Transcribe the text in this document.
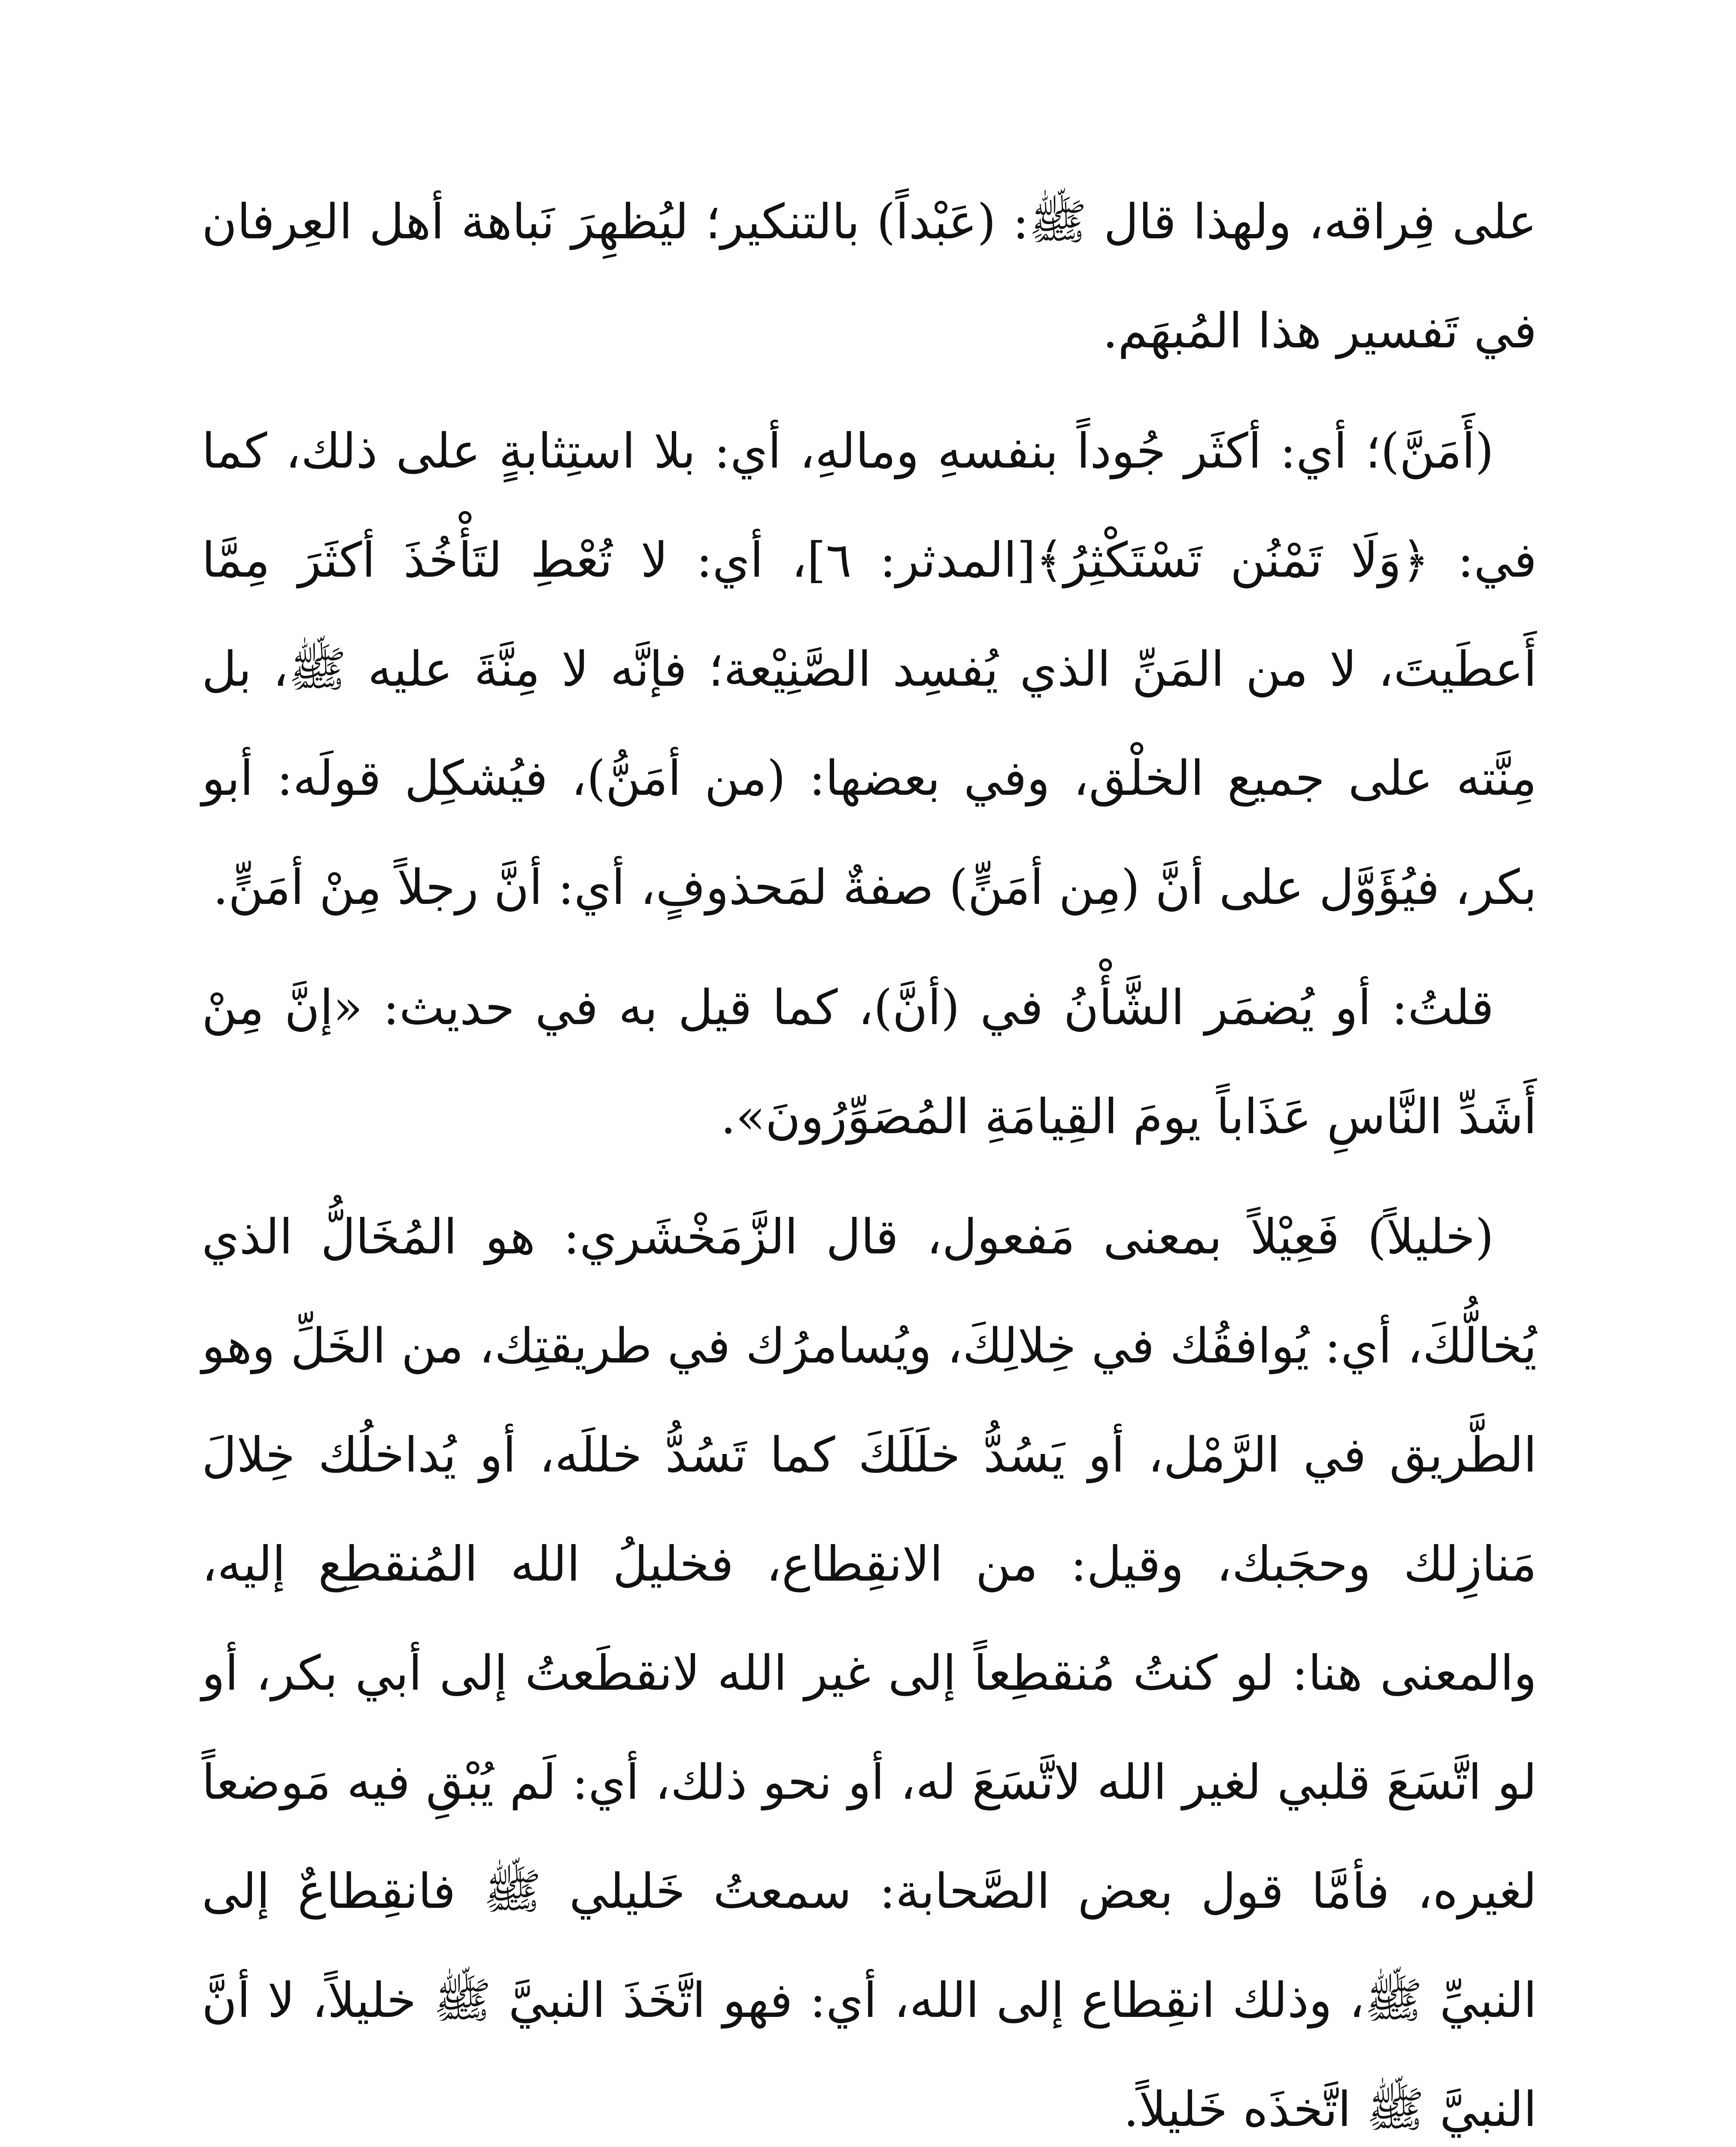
على فِراقه، ولهذا قال ﷺ: (عَبْداً) بالتنكير؛ ليُظهِرَ نَباهة أهل العِرفان في تَفسير هذا المُبهَم.

(أَمَنَّ)؛ أي: أكثَر جُوداً بنفسهِ ومالهِ، أي: بلا استِثابةٍ على ذلك، كما في: ﴿وَلَا تَمْنُن تَسْتَكْثِرُ﴾[المدثر: ٦]، أي: لا تُعْطِ لتَأْخُذَ أكثَرَ مِمَّا أَعطَيتَ، لا من المَنِّ الذي يُفسِد الصَّنِيْعة؛ فإنَّه لا مِنَّةَ عليه ﷺ، بل مِنَّته على جميع الخلْق، وفي بعضها: (من أمَنُّ)، فيُشكِل قولَه: أبو بكر، فيُؤَوَّل على أنَّ (مِن أمَنٍّ) صفةٌ لمَحذوفٍ، أي: أنَّ رجلاً مِنْ أمَنٍّ.

قلتُ: أو يُضمَر الشَّأْنُ في (أنَّ)، كما قيل به في حديث: «إنَّ مِنْ أَشَدِّ النَّاسِ عَذَاباً يومَ القِيامَةِ المُصَوِّرُونَ».

(خليلاً) فَعِيْلاً بمعنى مَفعول، قال الزَّمَخْشَري: هو المُخَالُّ الذي يُخالُّكَ، أي: يُوافقُك في خِلالِكَ، ويُسامرُك في طريقتِك، من الخَلِّ وهو الطَّريق في الرَّمْل، أو يَسُدُّ خلَلَكَ كما تَسُدُّ خللَه، أو يُداخلُك خِلالَ مَنازِلك وحجَبك، وقيل: من الانقِطاع، فخليلُ الله المُنقطِع إليه، والمعنى هنا: لو كنتُ مُنقطِعاً إلى غير الله لانقطَعتُ إلى أبي بكر، أو لو اتَّسَعَ قلبي لغير الله لاتَّسَعَ له، أو نحو ذلك، أي: لَم يُبْقِ فيه مَوضعاً لغيره، فأمَّا قول بعض الصَّحابة: سمعتُ خَليلي ﷺ فانقِطاعٌ إلى النبيِّ ﷺ، وذلك انقِطاع إلى الله، أي: فهو اتَّخَذَ النبيَّ ﷺ خليلاً، لا أنَّ النبيَّ ﷺ اتَّخذَه خَليلاً.
